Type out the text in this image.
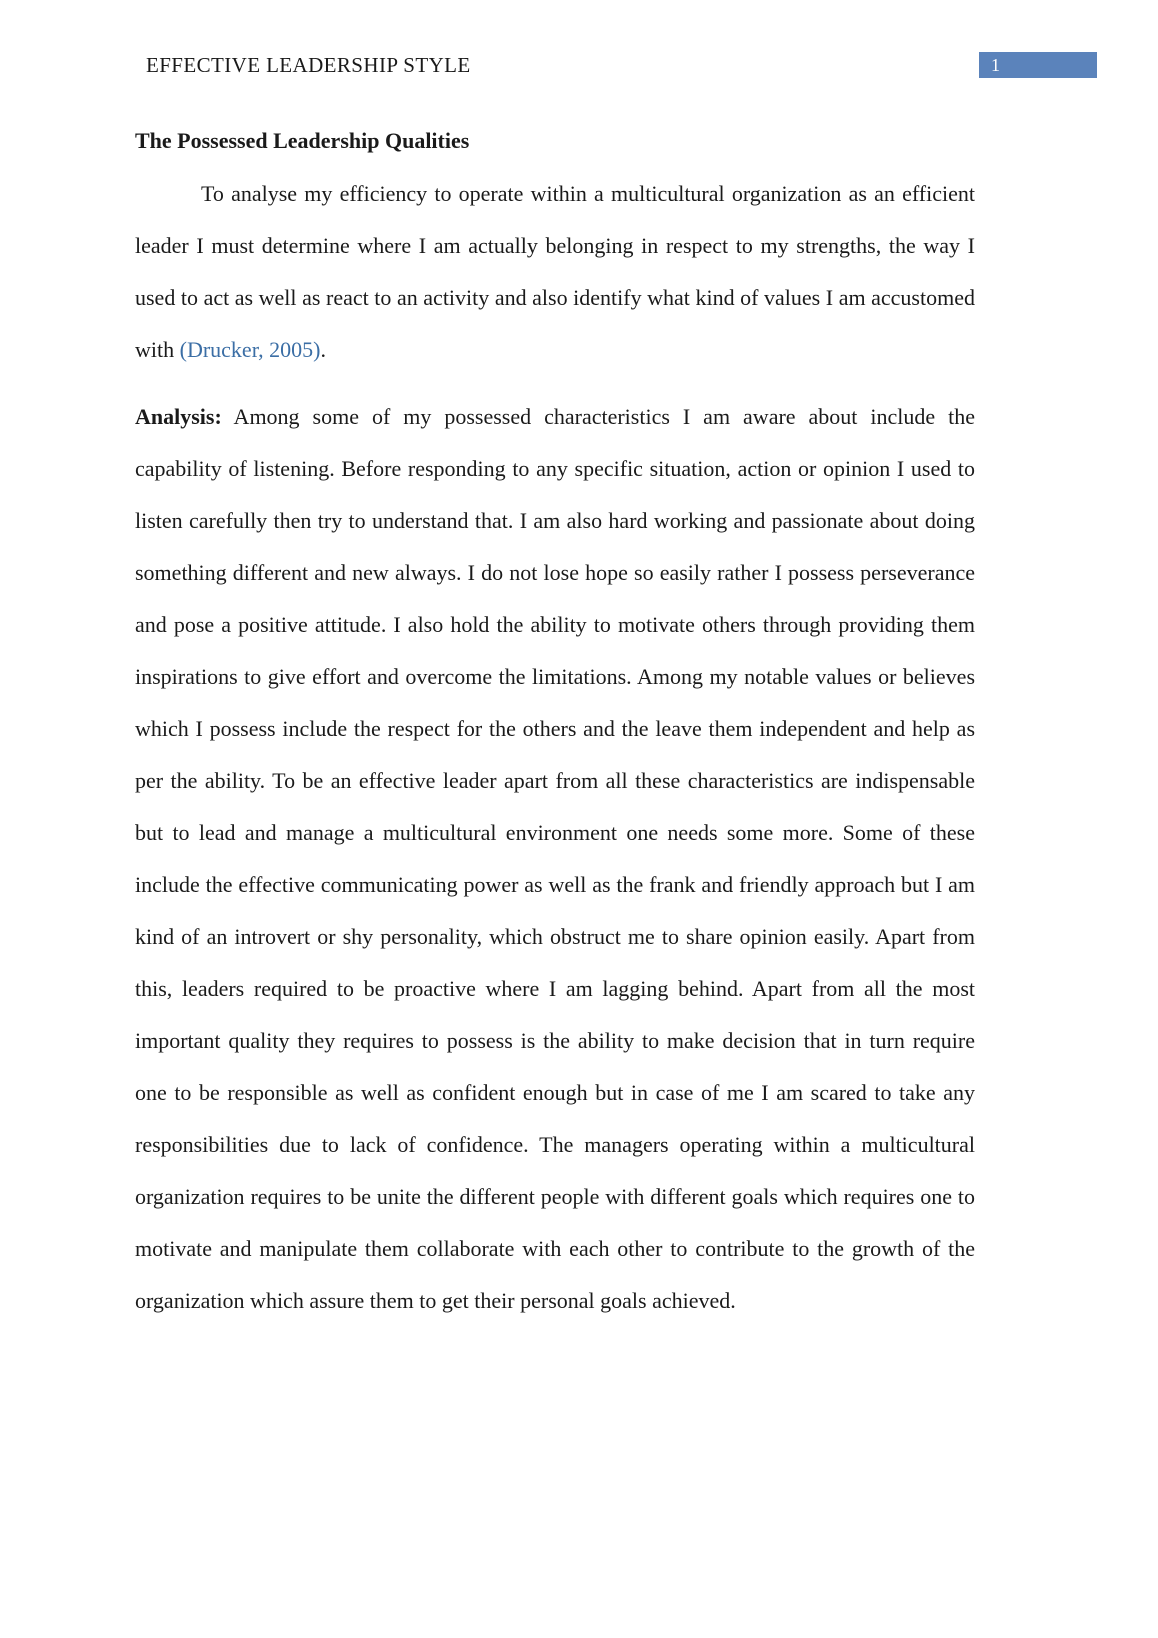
EFFECTIVE LEADERSHIP STYLE	1
The Possessed Leadership Qualities

To analyse my efficiency to operate within a multicultural organization as an efficient leader I must determine where I am actually belonging in respect to my strengths, the way I used to act as well as react to an activity and also identify what kind of values I am accustomed with (Drucker, 2005).

Analysis: Among some of my possessed characteristics I am aware about include the capability of listening. Before responding to any specific situation, action or opinion I used to listen carefully then try to understand that. I am also hard working and passionate about doing something different and new always. I do not lose hope so easily rather I possess perseverance and pose a positive attitude. I also hold the ability to motivate others through providing them inspirations to give effort and overcome the limitations. Among my notable values or believes which I possess include the respect for the others and the leave them independent and help as per the ability. To be an effective leader apart from all these characteristics are indispensable but to lead and manage a multicultural environment one needs some more. Some of these include the effective communicating power as well as the frank and friendly approach but I am kind of an introvert or shy personality, which obstruct me to share opinion easily. Apart from this, leaders required to be proactive where I am lagging behind. Apart from all the most important quality they requires to possess is the ability to make decision that in turn require one to be responsible as well as confident enough but in case of me I am scared to take any responsibilities due to lack of confidence. The managers operating within a multicultural organization requires to be unite the different people with different goals which requires one to motivate and manipulate them collaborate with each other to contribute to the growth of the organization which assure them to get their personal goals achieved.
